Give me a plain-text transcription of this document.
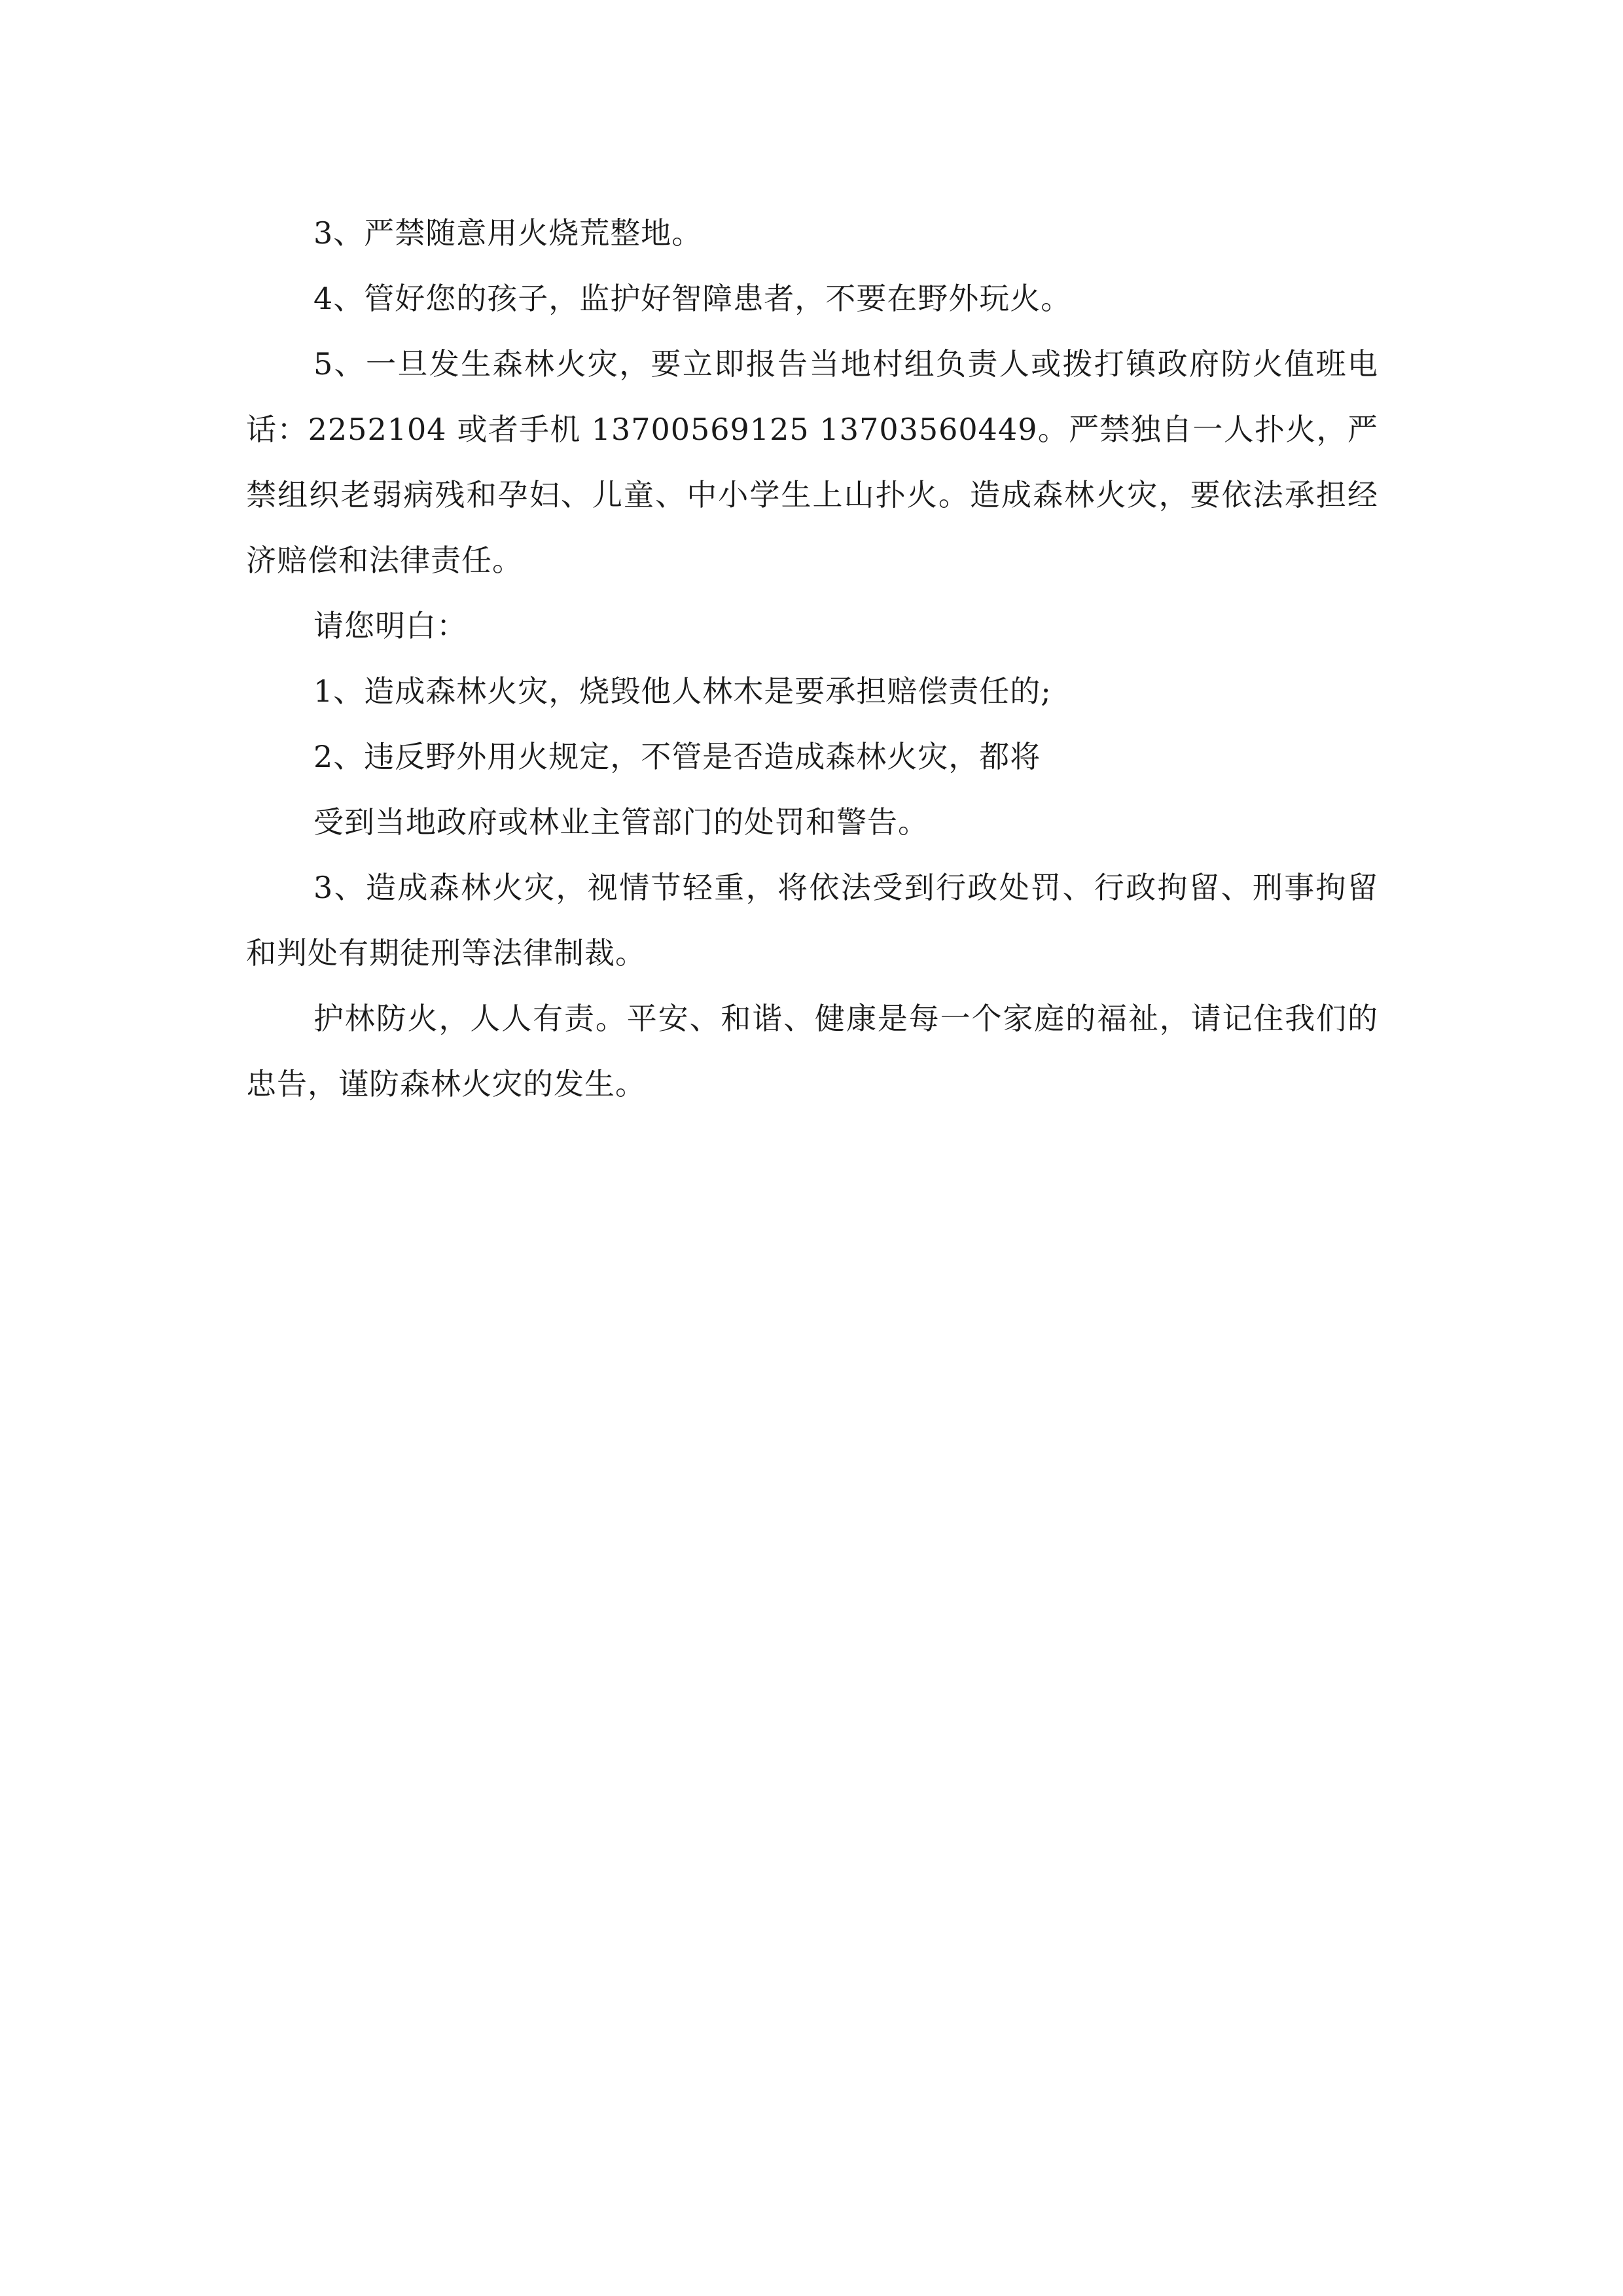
3、严禁随意用火烧荒整地。

4、管好您的孩子，监护好智障患者，不要在野外玩火。

5、一旦发生森林火灾，要立即报告当地村组负责人或拨打镇政府防火值班电话：2252104 或者手机 13700569125 13703560449。严禁独自一人扑火，严禁组织老弱病残和孕妇、儿童、中小学生上山扑火。造成森林火灾，要依法承担经济赔偿和法律责任。

请您明白：

1、造成森林火灾，烧毁他人林木是要承担赔偿责任的;

2、违反野外用火规定，不管是否造成森林火灾，都将

受到当地政府或林业主管部门的处罚和警告。

3、造成森林火灾，视情节轻重，将依法受到行政处罚、行政拘留、刑事拘留和判处有期徒刑等法律制裁。

护林防火，人人有责。平安、和谐、健康是每一个家庭的福祉，请记住我们的忠告，谨防森林火灾的发生。
